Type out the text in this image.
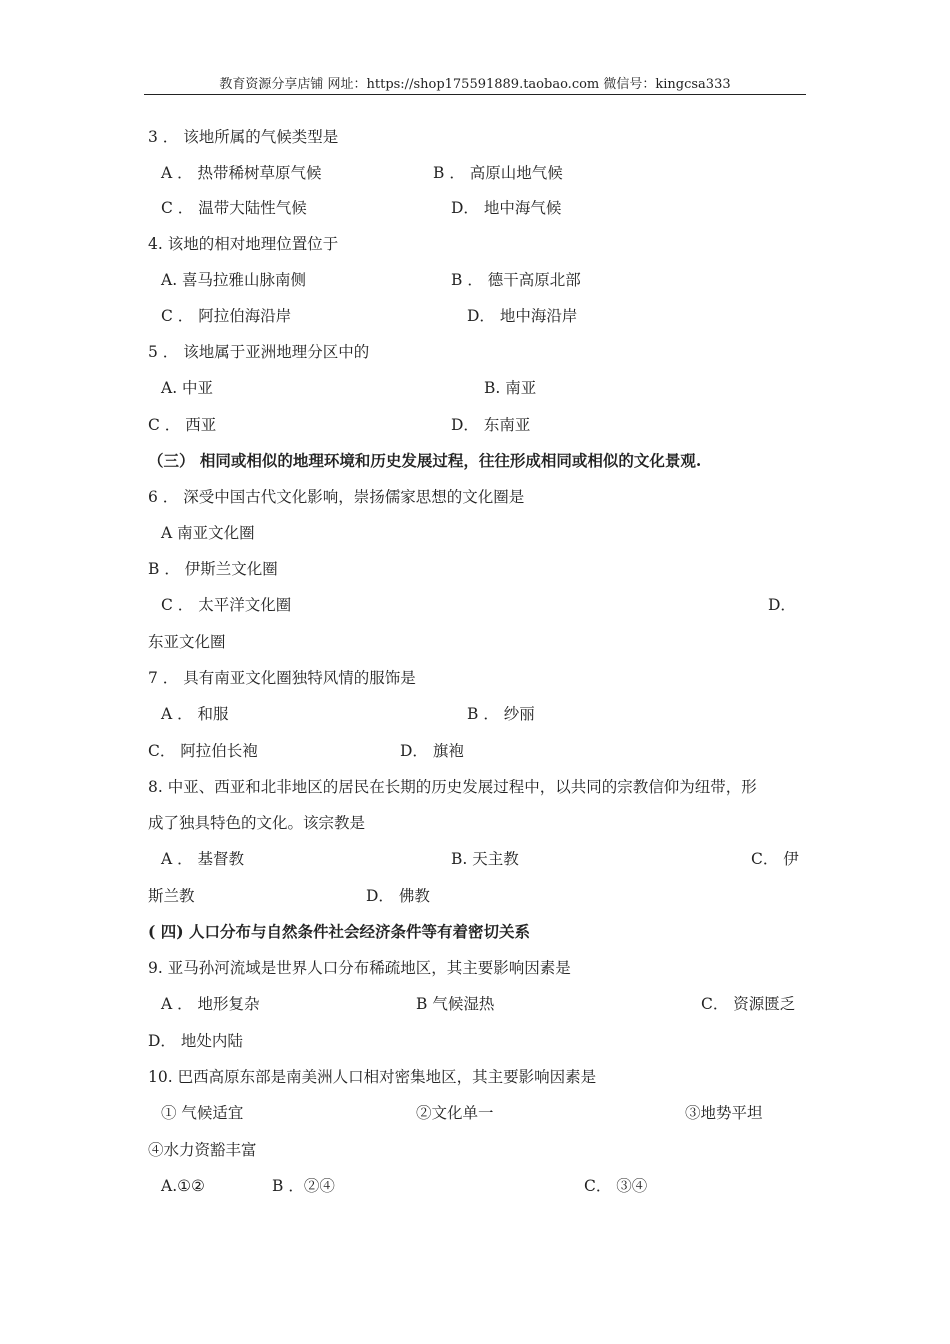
教育资源分享店铺 网址：https://shop175591889.taobao.com 微信号：kingcsa333
3 ． 该地所属的气候类型是
A ． 热带稀树草原气候	B ． 高原山地气候
C ． 温带大陆性气候	D． 地中海气候
4. 该地的相对地理位置位于
A. 喜马拉雅山脉南侧	B ． 德干高原北部
C ． 阿拉伯海沿岸	D． 地中海沿岸
5 ． 该地属于亚洲地理分区中的
A. 中亚	B. 南亚
C ． 西亚	D． 东南亚
（三） 相同或相似的地理环境和历史发展过程，往往形成相同或相似的文化景观.
6 ． 深受中国古代文化影响，崇扬儒家思想的文化圈是
A 南亚文化圈
B ． 伊斯兰文化圈
C ． 太平洋文化圈	D．
东亚文化圈
7 ． 具有南亚文化圈独特风情的服饰是
A ． 和服	B ． 纱丽
C． 阿拉伯长袍	D． 旗袍
8. 中亚、西亚和北非地区的居民在长期的历史发展过程中，以共同的宗教信仰为纽带，形
成了独具特色的文化。该宗教是
A ． 基督教	B. 天主教	C． 伊
斯兰教	D． 佛教
( 四) 人口分布与自然条件社会经济条件等有着密切关系
9. 亚马孙河流域是世界人口分布稀疏地区，其主要影响因素是
A ． 地形复杂	B 气候湿热	C． 资源匮乏
D． 地处内陆
10. 巴西高原东部是南美洲人口相对密集地区，其主要影响因素是
① 气候适宜	②文化单一	③地势平坦
④水力资豁丰富
A.①②	B ．②④	C． ③④
